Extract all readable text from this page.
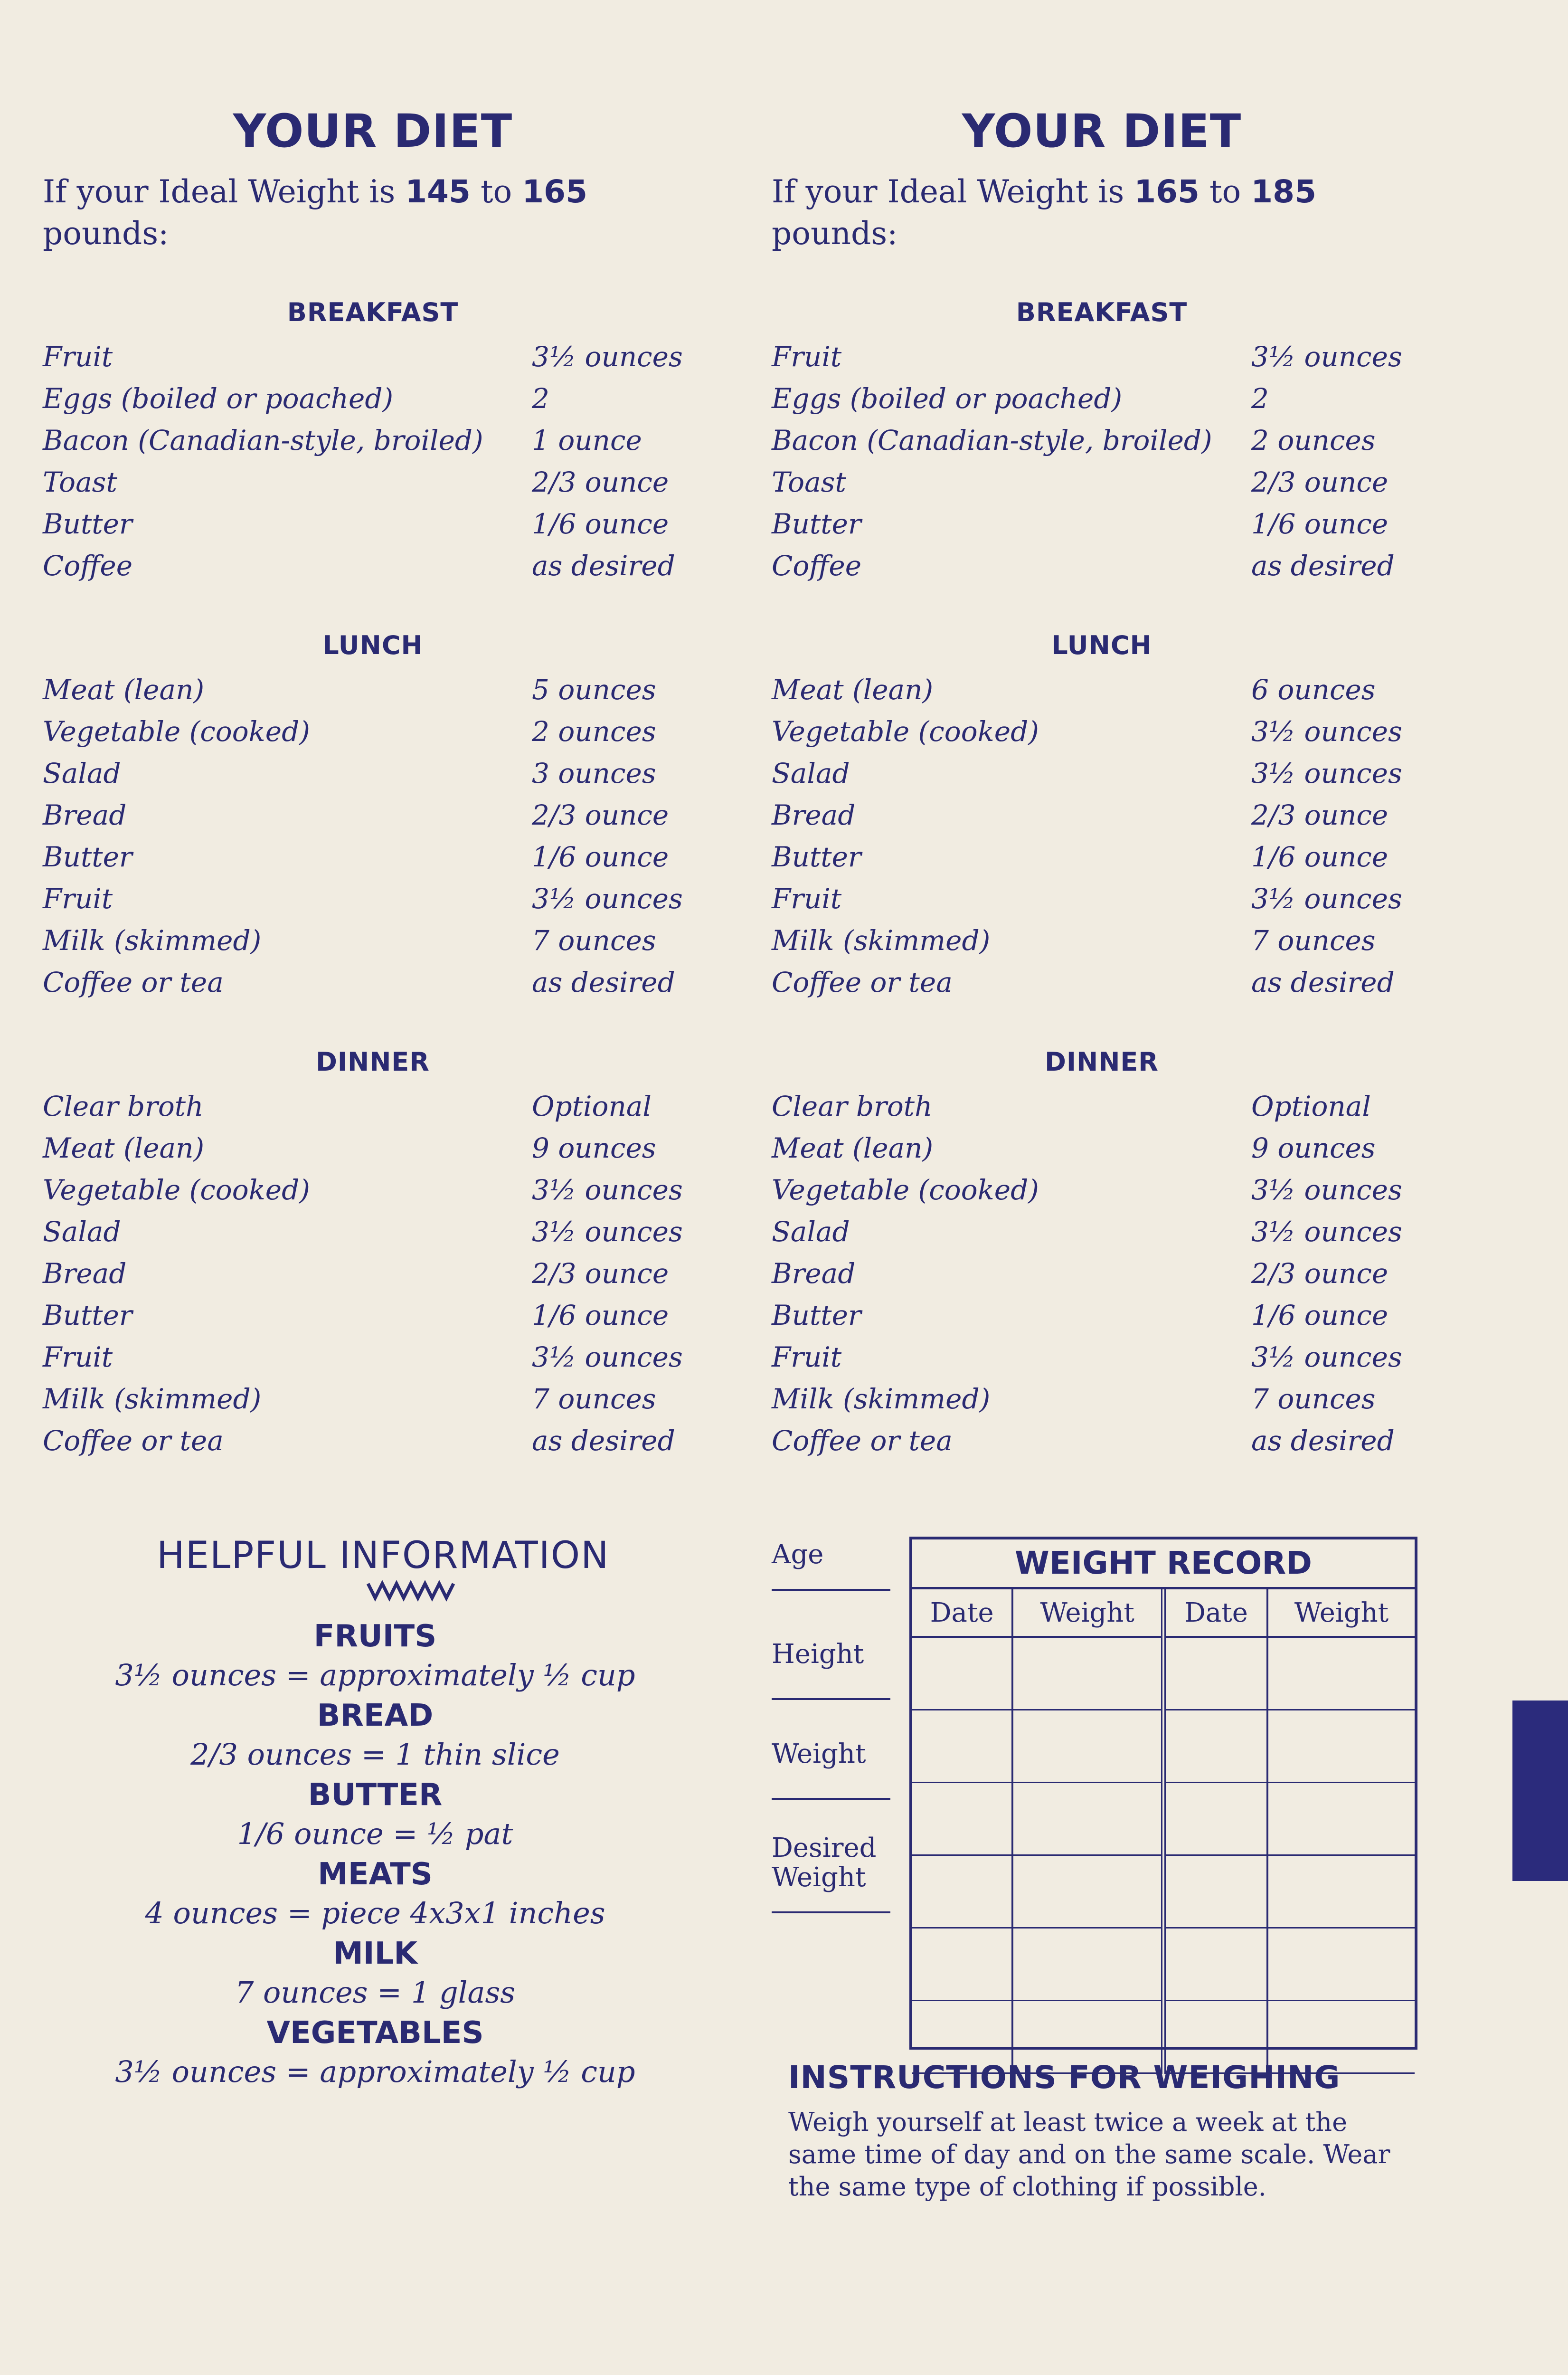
YOUR DIET
If your Ideal Weight is 145 to 165
pounds:
BREAKFAST
Fruit	3½ ounces
Eggs (boiled or poached)	2
Bacon (Canadian-style, broiled)	1 ounce
Toast	2/3 ounce
Butter	1/6 ounce
Coffee	as desired
LUNCH
Meat (lean)	5 ounces
Vegetable (cooked)	2 ounces
Salad	3 ounces
Bread	2/3 ounce
Butter	1/6 ounce
Fruit	3½ ounces
Milk (skimmed)	7 ounces
Coffee or tea	as desired
DINNER
Clear broth	Optional
Meat (lean)	9 ounces
Vegetable (cooked)	3½ ounces
Salad	3½ ounces
Bread	2/3 ounce
Butter	1/6 ounce
Fruit	3½ ounces
Milk (skimmed)	7 ounces
Coffee or tea	as desired
YOUR DIET
If your Ideal Weight is 165 to 185
pounds:
BREAKFAST
Fruit	3½ ounces
Eggs (boiled or poached)	2
Bacon (Canadian-style, broiled)	2 ounces
Toast	2/3 ounce
Butter	1/6 ounce
Coffee	as desired
LUNCH
Meat (lean)	6 ounces
Vegetable (cooked)	3½ ounces
Salad	3½ ounces
Bread	2/3 ounce
Butter	1/6 ounce
Fruit	3½ ounces
Milk (skimmed)	7 ounces
Coffee or tea	as desired
DINNER
Clear broth	Optional
Meat (lean)	9 ounces
Vegetable (cooked)	3½ ounces
Salad	3½ ounces
Bread	2/3 ounce
Butter	1/6 ounce
Fruit	3½ ounces
Milk (skimmed)	7 ounces
Coffee or tea	as desired
HELPFUL INFORMATION
FRUITS
3½ ounces = approximately ½ cup
BREAD
2/3 ounces = 1 thin slice
BUTTER
1/6 ounce = ½ pat
MEATS
4 ounces = piece 4x3x1 inches
MILK
7 ounces = 1 glass
VEGETABLES
3½ ounces = approximately ½ cup
Age
Height
Weight
Desired Weight
WEIGHT RECORD
Date	Weight	Date	Weight

INSTRUCTIONS FOR WEIGHING
Weigh yourself at least twice a week at the same time of day and on the same scale. Wear the same type of clothing if possible.
